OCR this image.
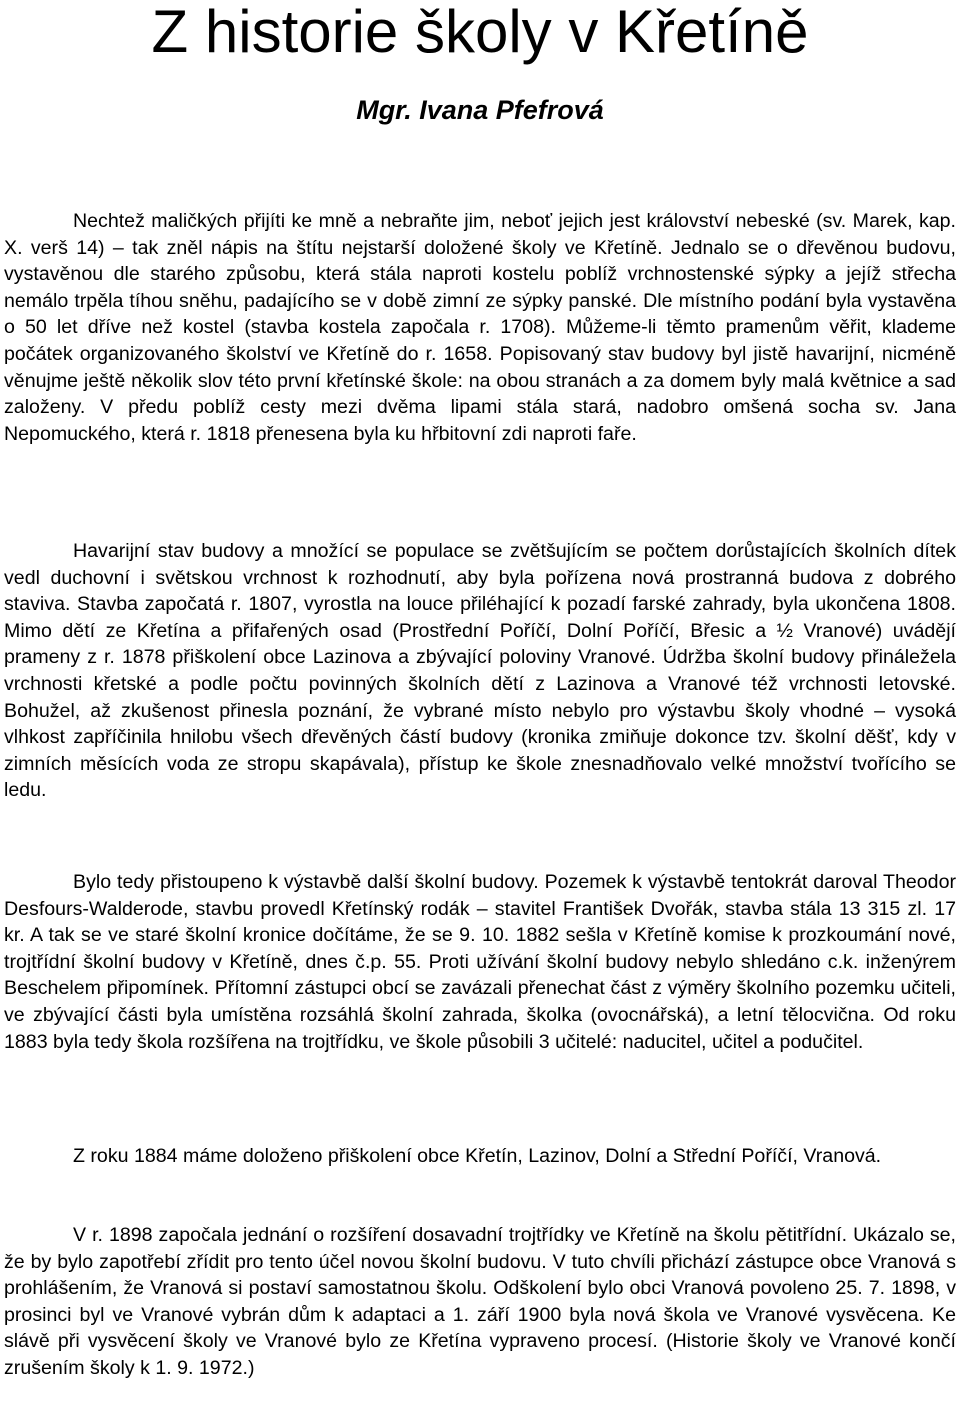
Z historie školy v Křetíně
Mgr. Ivana Pfefrová

Nechtež maličkých přijíti ke mně a nebraňte jim, neboť jejich jest království nebeské (sv. Marek, kap. X. verš 14) – tak zněl nápis na štítu nejstarší doložené školy ve Křetíně. Jednalo se o dřevěnou budovu, vystavěnou dle starého způsobu, která stála naproti kostelu poblíž vrchnostenské sýpky a jejíž střecha nemálo trpěla tíhou sněhu, padajícího se v době zimní ze sýpky panské. Dle místního podání byla vystavěna o 50 let dříve než kostel (stavba kostela započala r. 1708). Můžeme-li těmto pramenům věřit, klademe počátek organizovaného školství ve Křetíně do r. 1658. Popisovaný stav budovy byl jistě havarijní, nicméně věnujme ještě několik slov této první křetínské škole: na obou stranách a za domem byly malá květnice a sad založeny. V předu poblíž cesty mezi dvěma lipami stála stará, nadobro omšená socha sv. Jana Nepomuckého, která r. 1818 přenesena byla ku hřbitovní zdi naproti faře.

Havarijní stav budovy a množící se populace se zvětšujícím se počtem dorůstajících školních dítek vedl duchovní i světskou vrchnost k rozhodnutí, aby byla pořízena nová prostranná budova z dobrého staviva. Stavba započatá r. 1807, vyrostla na louce přiléhající k pozadí farské zahrady, byla ukončena 1808. Mimo dětí ze Křetína a přifařených osad (Prostřední Poříčí, Dolní Poříčí, Břesic a ½ Vranové) uvádějí prameny z r. 1878 přiškolení obce Lazinova a zbývající poloviny Vranové. Údržba školní budovy přináležela vrchnosti křetské a podle počtu povinných školních dětí z Lazinova a Vranové též vrchnosti letovské. Bohužel, až zkušenost přinesla poznání, že vybrané místo nebylo pro výstavbu školy vhodné – vysoká vlhkost zapříčinila hnilobu všech dřevěných částí budovy (kronika zmiňuje dokonce tzv. školní děšť, kdy v zimních měsících voda ze stropu skapávala), přístup ke škole znesnadňovalo velké množství tvořícího se ledu.

Bylo tedy přistoupeno k výstavbě další školní budovy. Pozemek k výstavbě tentokrát daroval Theodor Desfours-Walderode, stavbu provedl Křetínský rodák – stavitel František Dvořák, stavba stála 13 315 zl. 17 kr. A tak se ve staré školní kronice dočítáme, že se 9. 10. 1882 sešla v Křetíně komise k prozkoumání nové, trojtřídní školní budovy v Křetíně, dnes č.p. 55. Proti užívání školní budovy nebylo shledáno c.k. inženýrem Beschelem připomínek. Přítomní zástupci obcí se zavázali přenechat část z výměry školního pozemku učiteli, ve zbývající části byla umístěna rozsáhlá školní zahrada, školka (ovocnářská), a letní tělocvična. Od roku 1883 byla tedy škola rozšířena na trojtřídku, ve škole působili 3 učitelé: naducitel, učitel a podučitel.

Z roku 1884 máme doloženo přiškolení obce Křetín, Lazinov, Dolní a Střední Poříčí, Vranová.

V r. 1898 započala jednání o rozšíření dosavadní trojtřídky ve Křetíně na školu pětitřídní. Ukázalo se, že by bylo zapotřebí zřídit pro tento účel novou školní budovu. V tuto chvíli přichází zástupce obce Vranová s prohlášením, že Vranová si postaví samostatnou školu. Odškolení bylo obci Vranová povoleno 25. 7. 1898, v prosinci byl ve Vranové vybrán dům k adaptaci a 1. září 1900 byla nová škola ve Vranové vysvěcena. Ke slávě při vysvěcení školy ve Vranové bylo ze Křetína vypraveno procesí. (Historie školy ve Vranové končí zrušením školy k 1. 9. 1972.)
